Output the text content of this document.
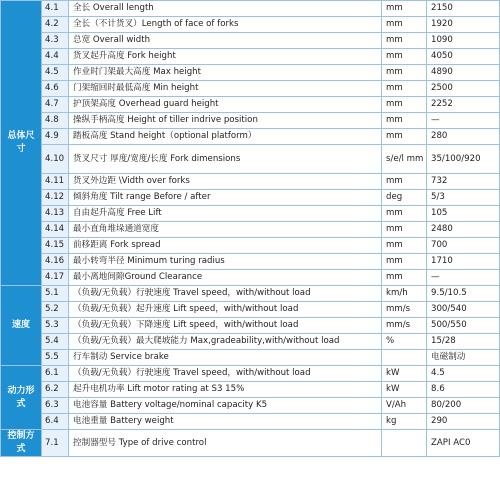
总体尺寸	4.1	全长 Overall length	mm	2150
	4.2	全长（不计货叉）Length of face of forks	mm	1920
	4.3	总宽 Overall width	mm	1090
	4.4	货叉起升高度 Fork height	mm	4050
	4.5	作业时门架最大高度 Max height	mm	4890
	4.6	门架缩回时最低高度 Min height	mm	2500
	4.7	护顶架高度 Overhead guard height	mm	2252
	4.8	操纵手柄高度 Height of tiller indrive position	mm	—
	4.9	踏板高度 Stand height（optional platform）	mm	280
	4.10	货叉尺寸 厚度/宽度/长度 Fork dimensions	s/e/l mm	35/100/920
	4.11	货叉外边距 \Vidth over forks	mm	732
	4.12	倾斜角度 Tilt range Before / after	deg	5/3
	4.13	自由起升高度 Free Lift	mm	105
	4.14	最小直角堆垛通道宽度	mm	2480
	4.15	前移距离 Fork spread	mm	700
	4.16	最小转弯半径 Minimum turing radius	mm	1710
	4.17	最小离地间隙Ground Clearance	mm	—
速度	5.1	（负载/无负载）行驶速度 Travel speed，with/without load	km/h	9.5/10.5
	5.2	（负载/无负载）起升速度 Lift speed，with/without load	mm/s	300/540
	5.3	（负载/无负载）下降速度 Lift speed，with/without load	mm/s	500/550
	5.4	（负载/无负载）最大爬坡能力 Max,gradeability,with/without load	%	15/28
	5.5	行车制动 Service brake		电磁制动
动力形式	6.1	（负载/无负载）行驶速度 Travel speed，with/without load	kW	4.5
	6.2	起升电机功率 Lift motor rating at S3 15%	kW	8.6
	6.3	电池容量 Battery voltage/nominal capacity K5	V/Ah	80/200
	6.4	电池重量 Battery weight	kg	290
控制方式	7.1	控制器型号 Type of drive control		ZAPI AC0
